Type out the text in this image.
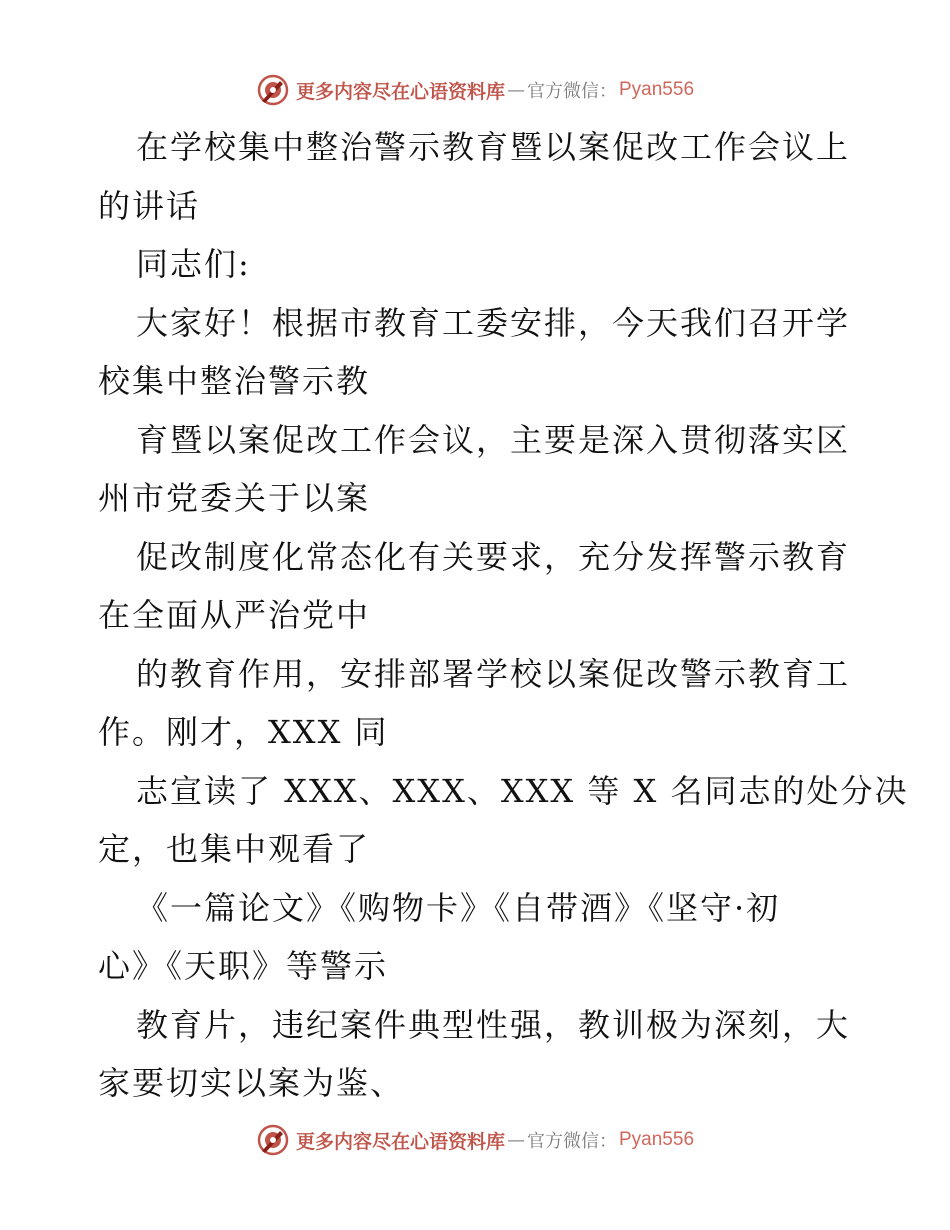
更多内容尽在心语资料库 — 官方微信： Pyan556
在学校集中整治警示教育暨以案促改工作会议上
的讲话
同志们:
大家好！根据市教育工委安排，今天我们召开学
校集中整治警示教
育暨以案促改工作会议，主要是深入贯彻落实区
州市党委关于以案
促改制度化常态化有关要求，充分发挥警示教育
在全面从严治党中
的教育作用，安排部署学校以案促改警示教育工
作。刚才，XXX 同
志宣读了 XXX、XXX、XXX 等 X 名同志的处分决
定，也集中观看了
《一篇论文》《购物卡》《自带酒》《坚守·初
心》《天职》等警示
教育片，违纪案件典型性强，教训极为深刻，大
家要切实以案为鉴、
更多内容尽在心语资料库 — 官方微信： Pyan556
